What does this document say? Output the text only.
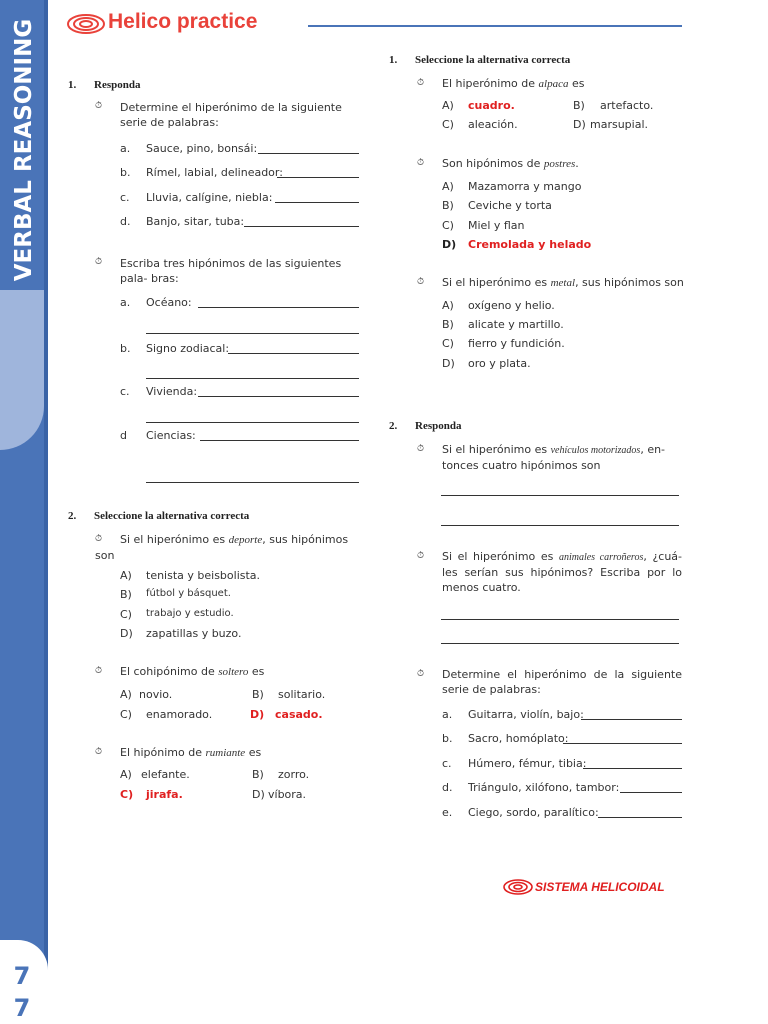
VERBAL REASONING
7
7
Helico practice
1. Responda
⏱ Determine el hiperónimo de la siguiente serie de palabras:
a. Sauce, pino, bonsái:
b. Rímel, labial, delineador:
c. Lluvia, calígine, niebla:
d. Banjo, sitar, tuba:
⏱ Escriba tres hipónimos de las siguientes pala- bras:
a. Océano:
b. Signo zodiacal:
c. Vivienda:
d Ciencias:
2. Seleccione la alternativa correcta
⏱	Si el hiperónimo es deporte, sus hipónimos son
A) tenista y beisbolista.
B) fútbol y básquet.
C) trabajo y estudio.
D) zapatillas y buzo.
⏱ El cohipónimo de soltero es
A) novio.	B) solitario.
C) enamorado.	D) casado.
⏱ El hipónimo de rumiante es
A) elefante.	B) zorro.
C) jirafa.	D) víbora.
1. Seleccione la alternativa correcta
⏱ El hiperónimo de alpaca es
A) cuadro.	B) artefacto.
C) aleación.	D) marsupial.
⏱ Son hipónimos de postres.
A) Mazamorra y mango
B) Ceviche y torta
C) Miel y flan
D) Cremolada y helado
⏱ Si el hiperónimo es metal, sus hipónimos son
A) oxígeno y helio.
B) alicate y martillo.
C) fierro y fundición.
D) oro y plata.
2. Responda
⏱ Si el hiperónimo es vehículos motorizados, en- tonces cuatro hipónimos son
⏱ Si el hiperónimo es animales carroñeros, ¿cuá- les serían sus hipónimos? Escriba por lo menos cuatro.
⏱ Determine el hiperónimo de la siguiente serie de palabras:
a. Guitarra, violín, bajo:
b. Sacro, homóplato:
c. Húmero, fémur, tibia:
d. Triángulo, xilófono, tambor:
e. Ciego, sordo, paralítico:
SISTEMA HELICOIDAL
